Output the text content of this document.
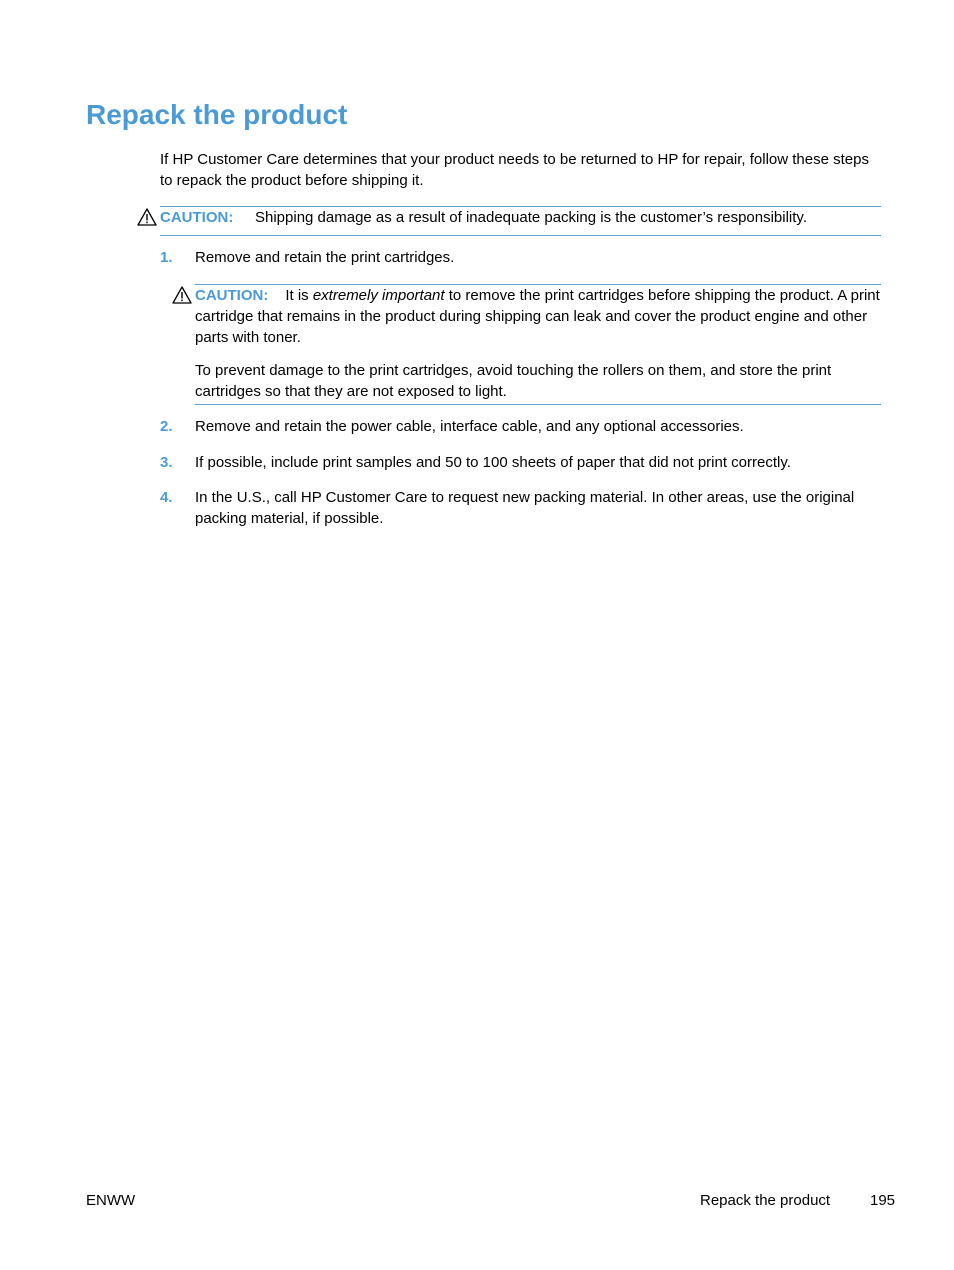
Repack the product
If HP Customer Care determines that your product needs to be returned to HP for repair, follow these steps to repack the product before shipping it.
CAUTION:	Shipping damage as a result of inadequate packing is the customer’s responsibility.
1. Remove and retain the print cartridges.
CAUTION: It is extremely important to remove the print cartridges before shipping the product. A print cartridge that remains in the product during shipping can leak and cover the product engine and other parts with toner.
To prevent damage to the print cartridges, avoid touching the rollers on them, and store the print cartridges so that they are not exposed to light.
2. Remove and retain the power cable, interface cable, and any optional accessories.
3. If possible, include print samples and 50 to 100 sheets of paper that did not print correctly.
4. In the U.S., call HP Customer Care to request new packing material. In other areas, use the original packing material, if possible.
ENWW	Repack the product	195
